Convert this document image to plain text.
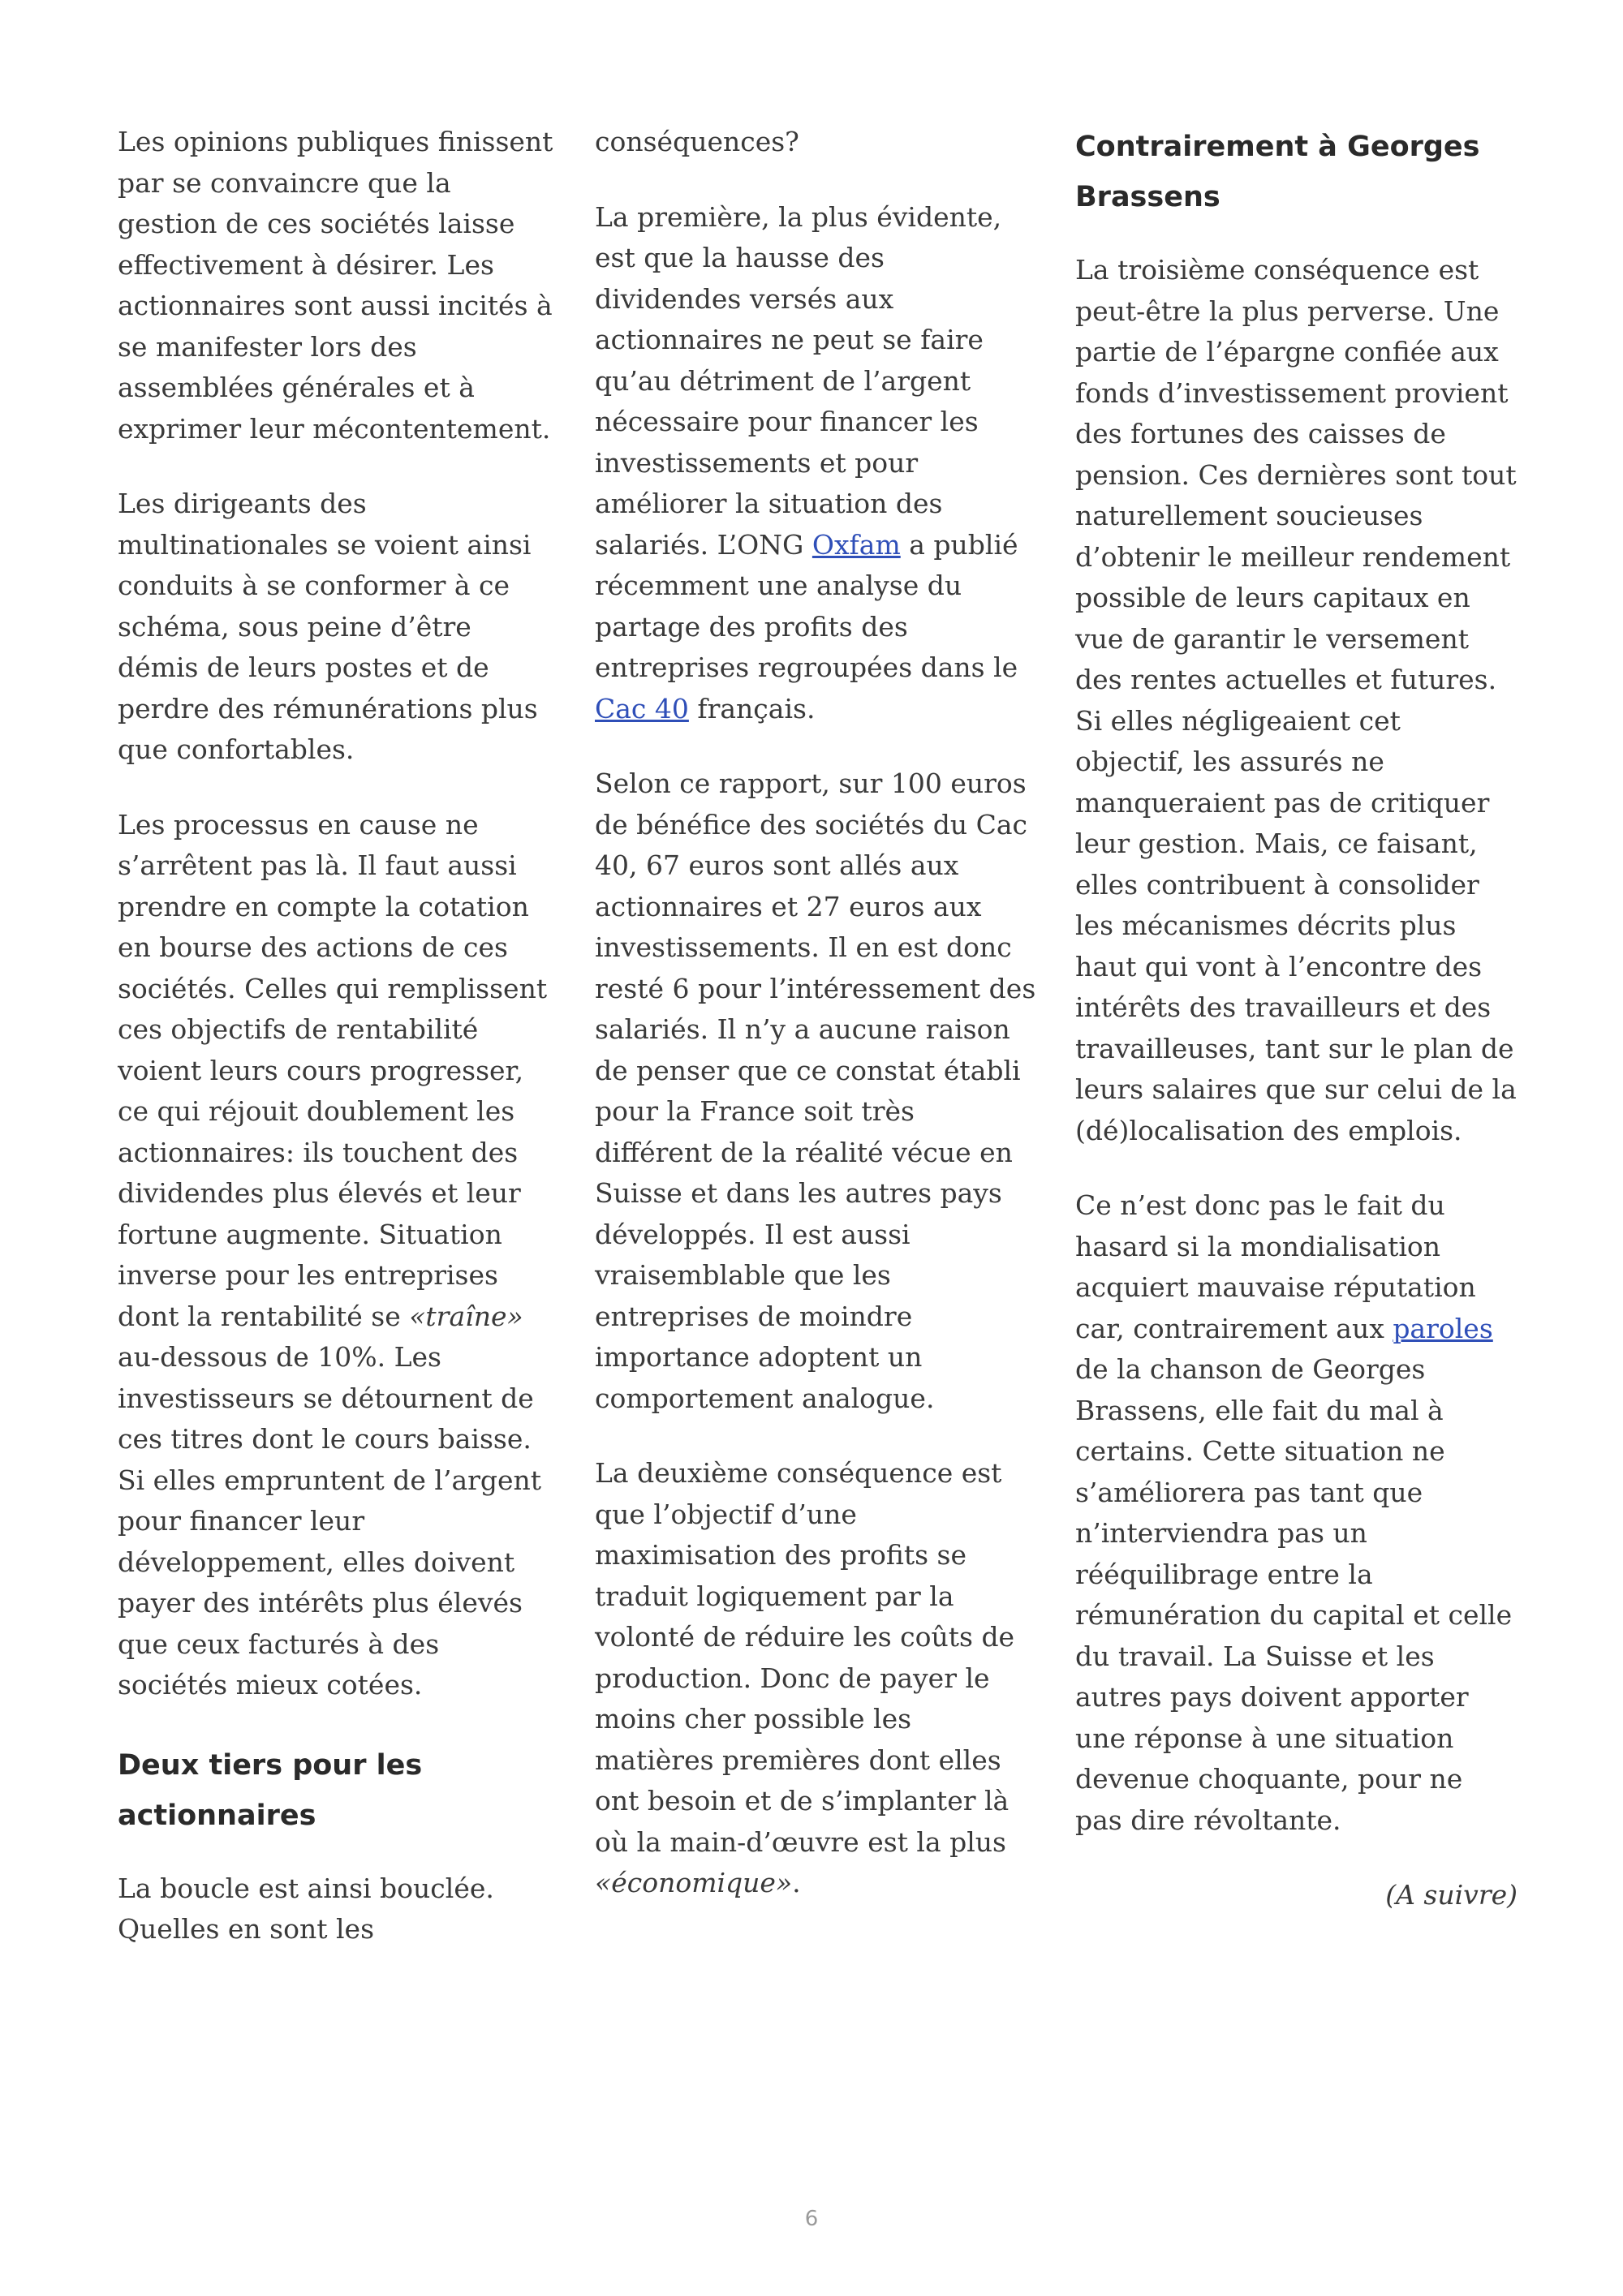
Les opinions publiques finissent par se convaincre que la gestion de ces sociétés laisse effectivement à désirer. Les actionnaires sont aussi incités à se manifester lors des assemblées générales et à exprimer leur mécontentement.

Les dirigeants des multinationales se voient ainsi conduits à se conformer à ce schéma, sous peine d’être démis de leurs postes et de perdre des rémunérations plus que confortables.

Les processus en cause ne s’arrêtent pas là. Il faut aussi prendre en compte la cotation en bourse des actions de ces sociétés. Celles qui remplissent ces objectifs de rentabilité voient leurs cours progresser, ce qui réjouit doublement les actionnaires: ils touchent des dividendes plus élevés et leur fortune augmente. Situation inverse pour les entreprises dont la rentabilité se «traîne» au-dessous de 10%. Les investisseurs se détournent de ces titres dont le cours baisse. Si elles empruntent de l’argent pour financer leur développement, elles doivent payer des intérêts plus élevés que ceux facturés à des sociétés mieux cotées.

Deux tiers pour les actionnaires

La boucle est ainsi bouclée. Quelles en sont les

conséquences?

La première, la plus évidente, est que la hausse des dividendes versés aux actionnaires ne peut se faire qu’au détriment de l’argent nécessaire pour financer les investissements et pour améliorer la situation des salariés. L’ONG Oxfam a publié récemment une analyse du partage des profits des entreprises regroupées dans le Cac 40 français.

Selon ce rapport, sur 100 euros de bénéfice des sociétés du Cac 40, 67 euros sont allés aux actionnaires et 27 euros aux investissements. Il en est donc resté 6 pour l’intéressement des salariés. Il n’y a aucune raison de penser que ce constat établi pour la France soit très différent de la réalité vécue en Suisse et dans les autres pays développés. Il est aussi vraisemblable que les entreprises de moindre importance adoptent un comportement analogue.

La deuxième conséquence est que l’objectif d’une maximisation des profits se traduit logiquement par la volonté de réduire les coûts de production. Donc de payer le moins cher possible les matières premières dont elles ont besoin et de s’implanter là où la main-d’œuvre est la plus «économique».

Contrairement à Georges Brassens

La troisième conséquence est peut-être la plus perverse. Une partie de l’épargne confiée aux fonds d’investissement provient des fortunes des caisses de pension. Ces dernières sont tout naturellement soucieuses d’obtenir le meilleur rendement possible de leurs capitaux en vue de garantir le versement des rentes actuelles et futures. Si elles négligeaient cet objectif, les assurés ne manqueraient pas de critiquer leur gestion. Mais, ce faisant, elles contribuent à consolider les mécanismes décrits plus haut qui vont à l’encontre des intérêts des travailleurs et des travailleuses, tant sur le plan de leurs salaires que sur celui de la (dé)localisation des emplois.

Ce n’est donc pas le fait du hasard si la mondialisation acquiert mauvaise réputation car, contrairement aux paroles de la chanson de Georges Brassens, elle fait du mal à certains. Cette situation ne s’améliorera pas tant que n’interviendra pas un rééquilibrage entre la rémunération du capital et celle du travail. La Suisse et les autres pays doivent apporter une réponse à une situation devenue choquante, pour ne pas dire révoltante.

(A suivre)

6
